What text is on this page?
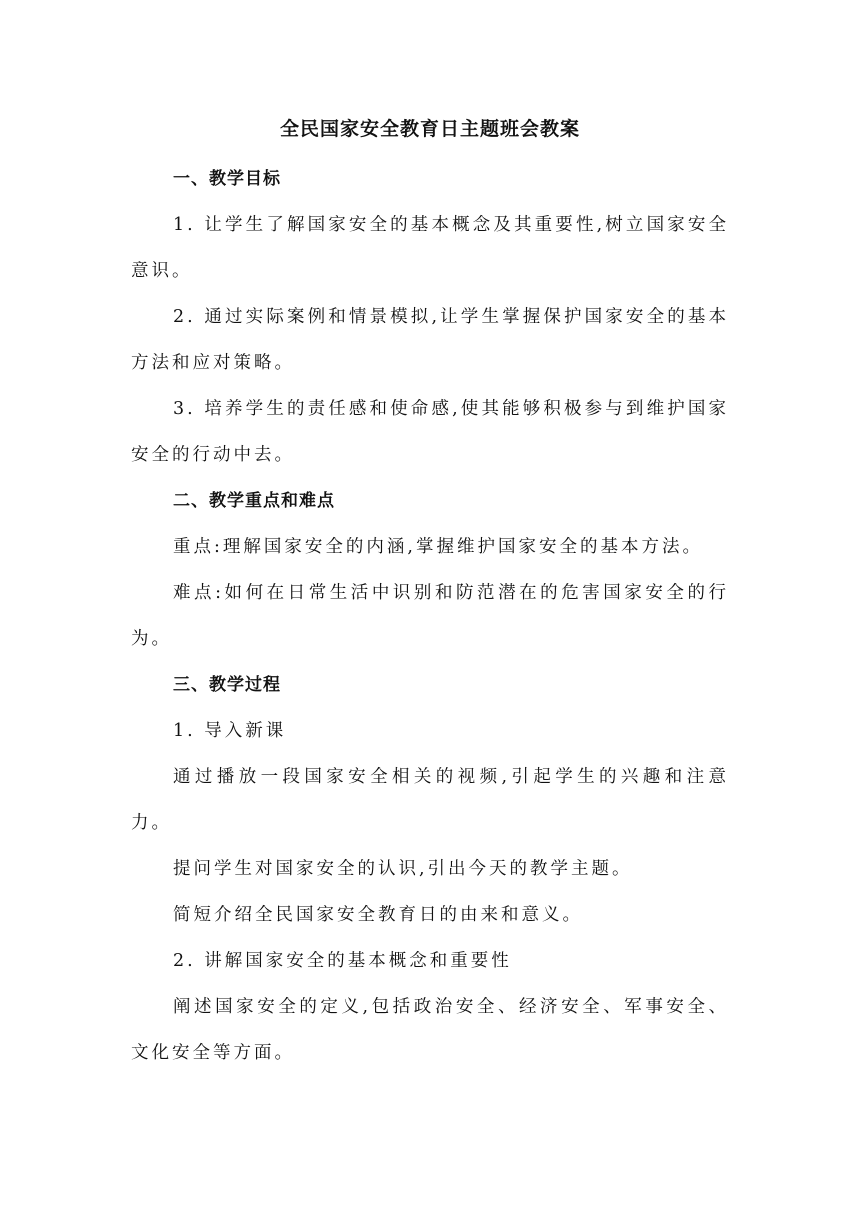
全民国家安全教育日主题班会教案

一、教学目标

1. 让学生了解国家安全的基本概念及其重要性,树立国家安全意识。

2. 通过实际案例和情景模拟,让学生掌握保护国家安全的基本方法和应对策略。

3. 培养学生的责任感和使命感,使其能够积极参与到维护国家安全的行动中去。

二、教学重点和难点

重点:理解国家安全的内涵,掌握维护国家安全的基本方法。

难点:如何在日常生活中识别和防范潜在的危害国家安全的行为。

三、教学过程

1. 导入新课

通过播放一段国家安全相关的视频,引起学生的兴趣和注意力。

提问学生对国家安全的认识,引出今天的教学主题。

简短介绍全民国家安全教育日的由来和意义。

2. 讲解国家安全的基本概念和重要性

阐述国家安全的定义,包括政治安全、经济安全、军事安全、文化安全等方面。
